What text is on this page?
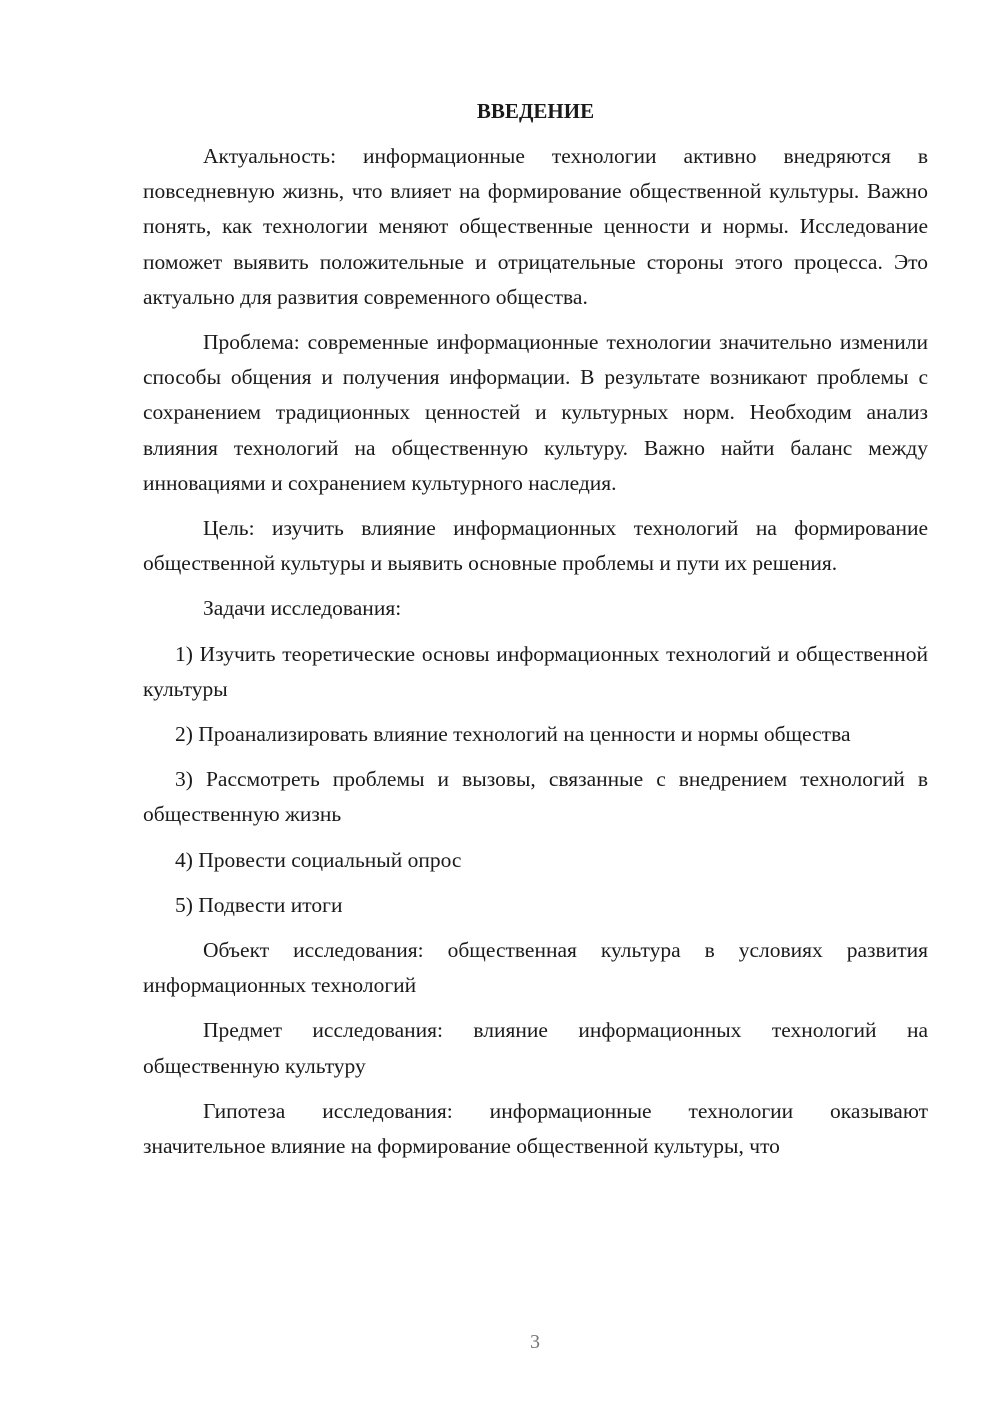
ВВЕДЕНИЕ

Актуальность: информационные технологии активно внедряются в повседневную жизнь, что влияет на формирование общественной культуры. Важно понять, как технологии меняют общественные ценности и нормы. Исследование поможет выявить положительные и отрицательные стороны этого процесса. Это актуально для развития современного общества.

Проблема: современные информационные технологии значительно изменили способы общения и получения информации. В результате возникают проблемы с сохранением традиционных ценностей и культурных норм. Необходим анализ влияния технологий на общественную культуру. Важно найти баланс между инновациями и сохранением культурного наследия.

Цель: изучить влияние информационных технологий на формирование общественной культуры и выявить основные проблемы и пути их решения.

Задачи исследования:

1) Изучить теоретические основы информационных технологий и общественной культуры

2) Проанализировать влияние технологий на ценности и нормы общества

3) Рассмотреть проблемы и вызовы, связанные с внедрением технологий в общественную жизнь

4) Провести социальный опрос

5) Подвести итоги

Объект исследования: общественная культура в условиях развития информационных технологий

Предмет исследования: влияние информационных технологий на общественную культуру

Гипотеза исследования: информационные технологии оказывают значительное влияние на формирование общественной культуры, что

3
